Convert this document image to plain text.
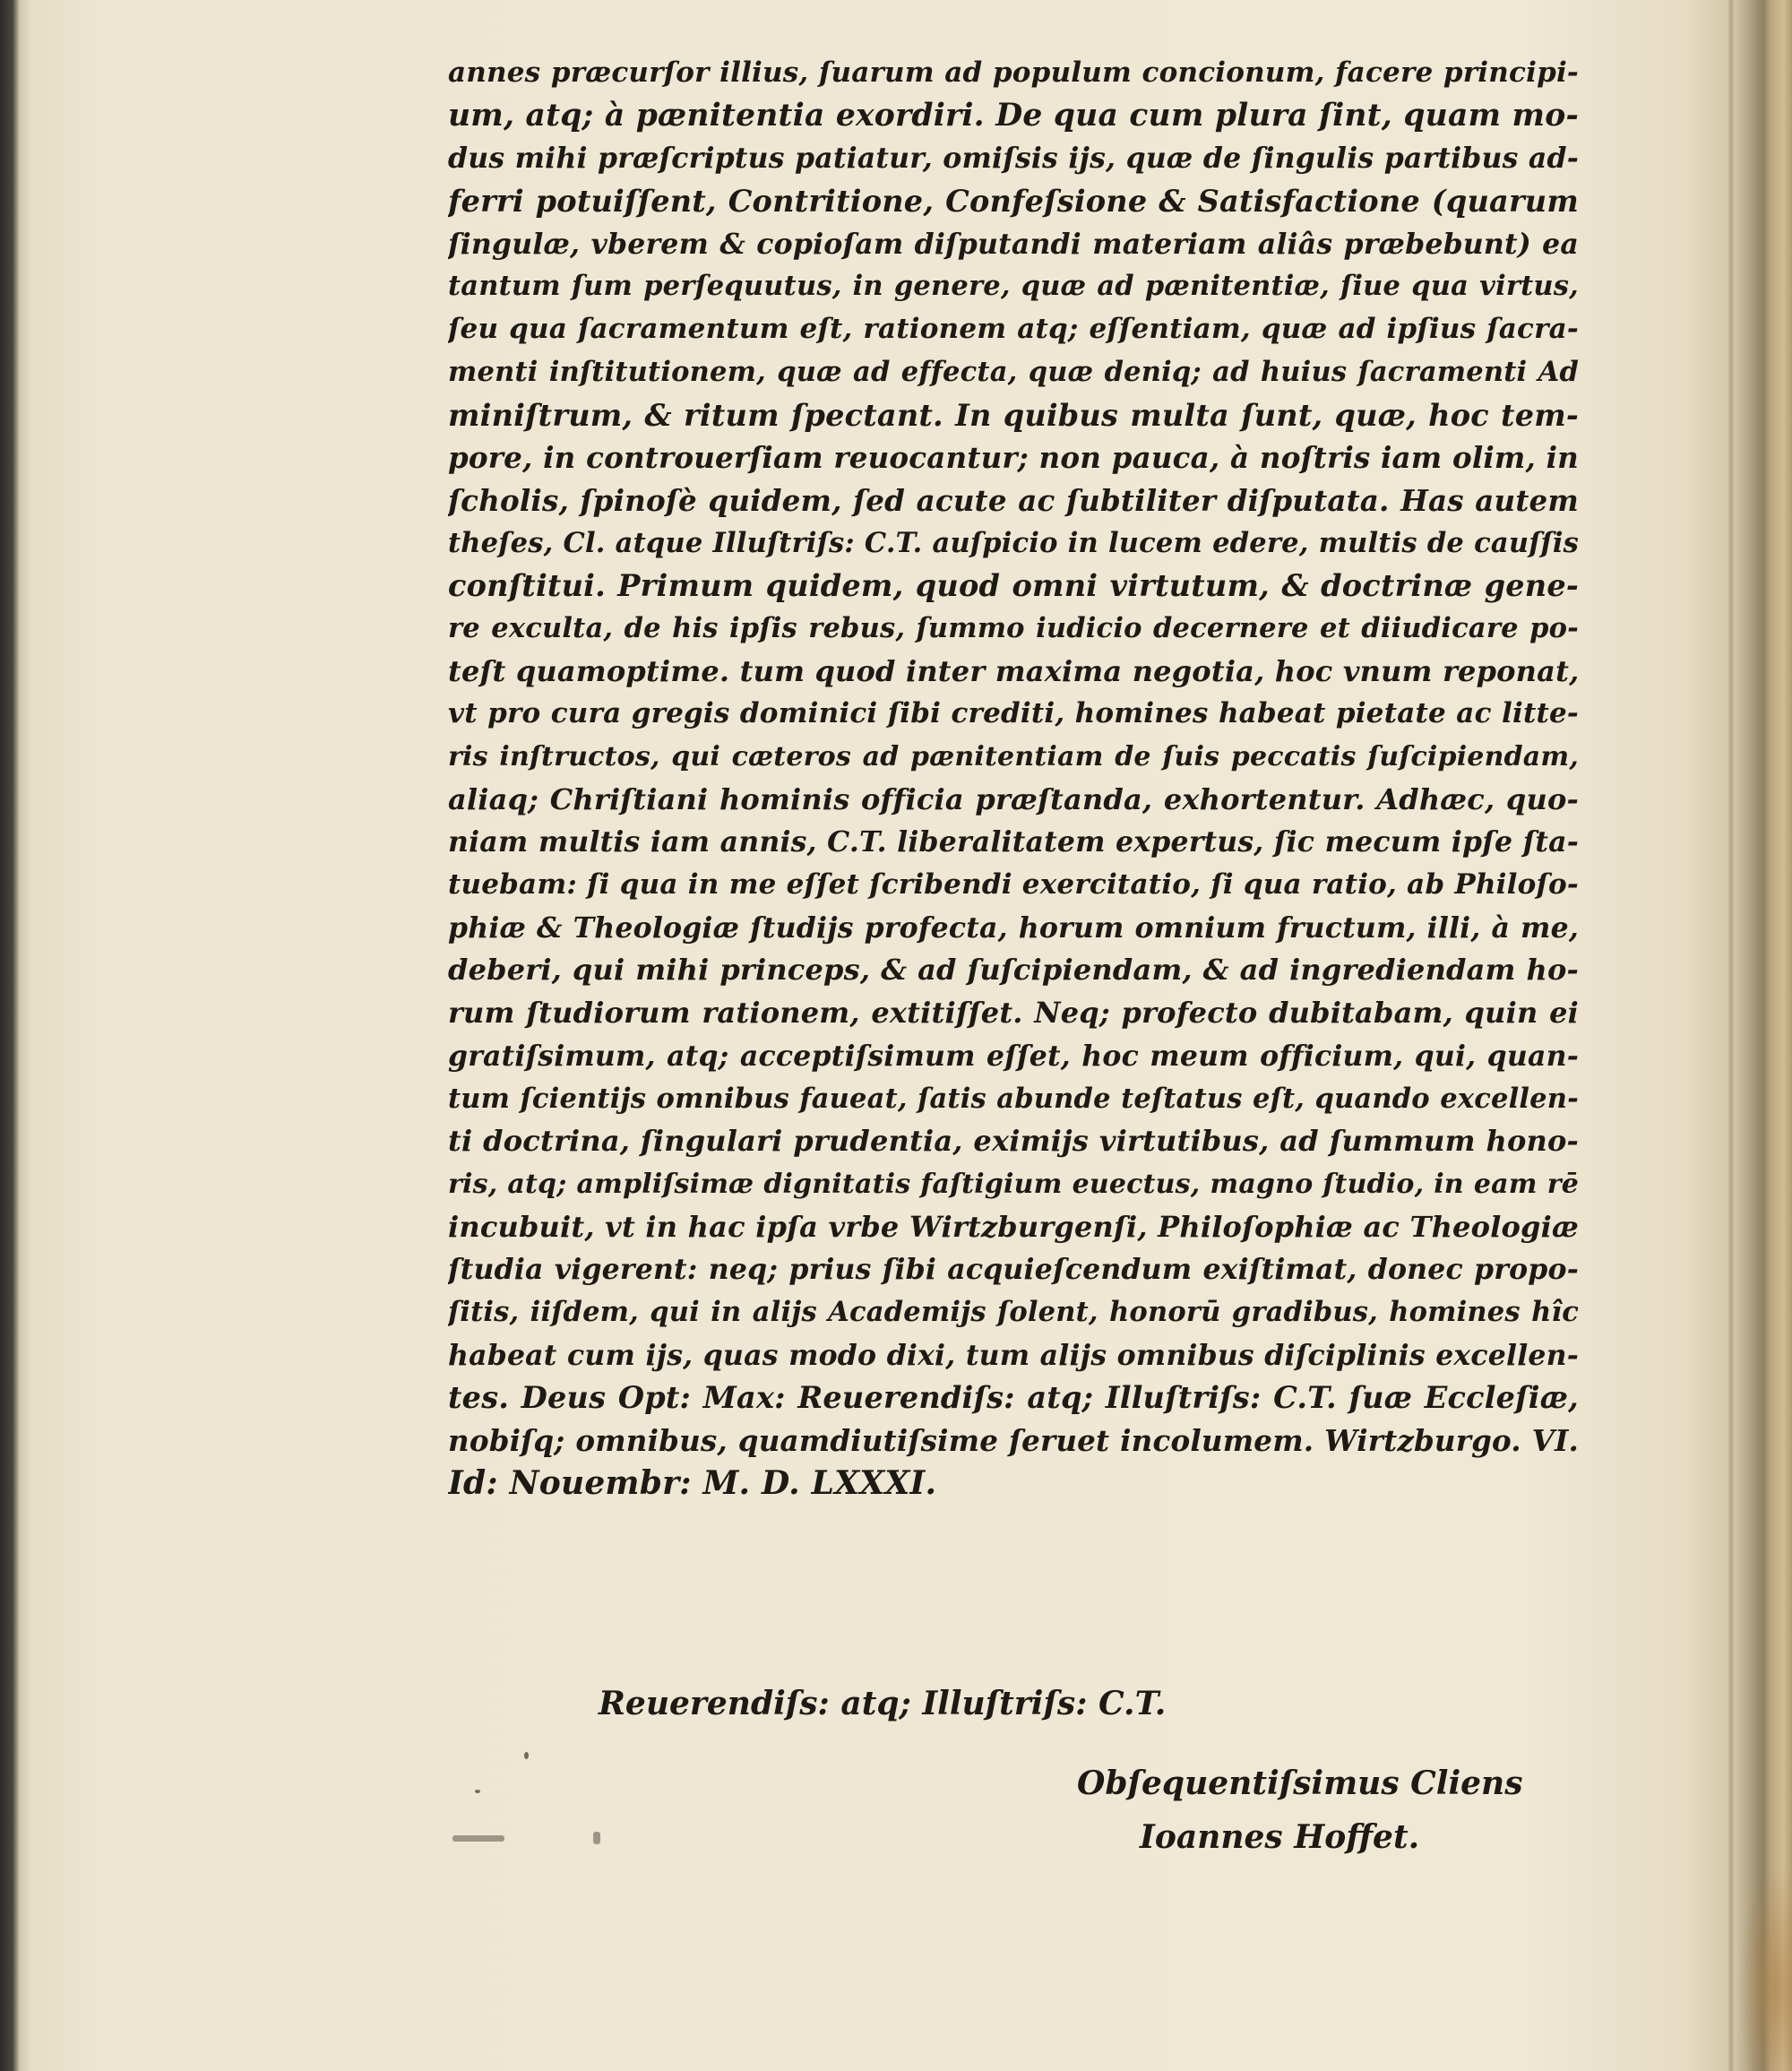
annes præcurſor illius, ſuarum ad populum concionum, facere principi-
um, atq; à pænitentia exordiri. De qua cum plura ſint, quam mo-
dus mihi præſcriptus patiatur, omiſsis ijs, quæ de ſingulis partibus ad-
ferri potuiſſent, Contritione, Confeſsione & Satisfactione (quarum
ſingulæ, vberem & copioſam diſputandi materiam aliâs præbebunt) ea
tantum ſum perſequutus, in genere, quæ ad pænitentiæ, ſiue qua virtus,
ſeu qua ſacramentum eſt, rationem atq; eſſentiam, quæ ad ipſius ſacra-
menti inſtitutionem, quæ ad effecta, quæ deniq; ad huius ſacramenti Ad
miniſtrum, & ritum ſpectant. In quibus multa ſunt, quæ, hoc tem-
pore, in controuerſiam reuocantur; non pauca, à noſtris iam olim, in
ſcholis, ſpinoſè quidem, ſed acute ac ſubtiliter diſputata. Has autem
theſes, Cl. atque Illuſtriſs: C.T. auſpicio in lucem edere, multis de cauſſis
conſtitui. Primum quidem, quod omni virtutum, & doctrinæ gene-
re exculta, de his ipſis rebus, ſummo iudicio decernere et diiudicare po-
teſt quamoptime. tum quod inter maxima negotia, hoc vnum reponat,
vt pro cura gregis dominici ſibi crediti, homines habeat pietate ac litte-
ris inſtructos, qui cæteros ad pænitentiam de ſuis peccatis ſuſcipiendam,
aliaq; Chriſtiani hominis officia præſtanda, exhortentur. Adhæc, quo-
niam multis iam annis, C.T. liberalitatem expertus, ſic mecum ipſe ſta-
tuebam: ſi qua in me eſſet ſcribendi exercitatio, ſi qua ratio, ab Philoſo-
phiæ & Theologiæ ſtudijs profecta, horum omnium fructum, illi, à me,
deberi, qui mihi princeps, & ad ſuſcipiendam, & ad ingrediendam ho-
rum ſtudiorum rationem, extitiſſet. Neq; profecto dubitabam, quin ei
gratiſsimum, atq; acceptiſsimum eſſet, hoc meum officium, qui, quan-
tum ſcientijs omnibus faueat, ſatis abunde teſtatus eſt, quando excellen-
ti doctrina, ſingulari prudentia, eximijs virtutibus, ad ſummum hono-
ris, atq; ampliſsimæ dignitatis faſtigium euectus, magno ſtudio, in eam rē
incubuit, vt in hac ipſa vrbe Wirtzburgenſi, Philoſophiæ ac Theologiæ
ſtudia vigerent: neq; prius ſibi acquieſcendum exiſtimat, donec propo-
ſitis, iiſdem, qui in alijs Academijs ſolent, honorū gradibus, homines hîc
habeat cum ijs, quas modo dixi, tum alijs omnibus diſciplinis excellen-
tes. Deus Opt: Max: Reuerendiſs: atq; Illuſtriſs: C.T. ſuæ Eccleſiæ,
nobiſq; omnibus, quamdiutiſsime ſeruet incolumem. Wirtzburgo. VI.
Id: Nouembr: M. D. LXXXI.
Reuerendiſs: atq; Illuſtriſs: C.T.
Obſequentiſsimus Cliens
Ioannes Hoffet.
